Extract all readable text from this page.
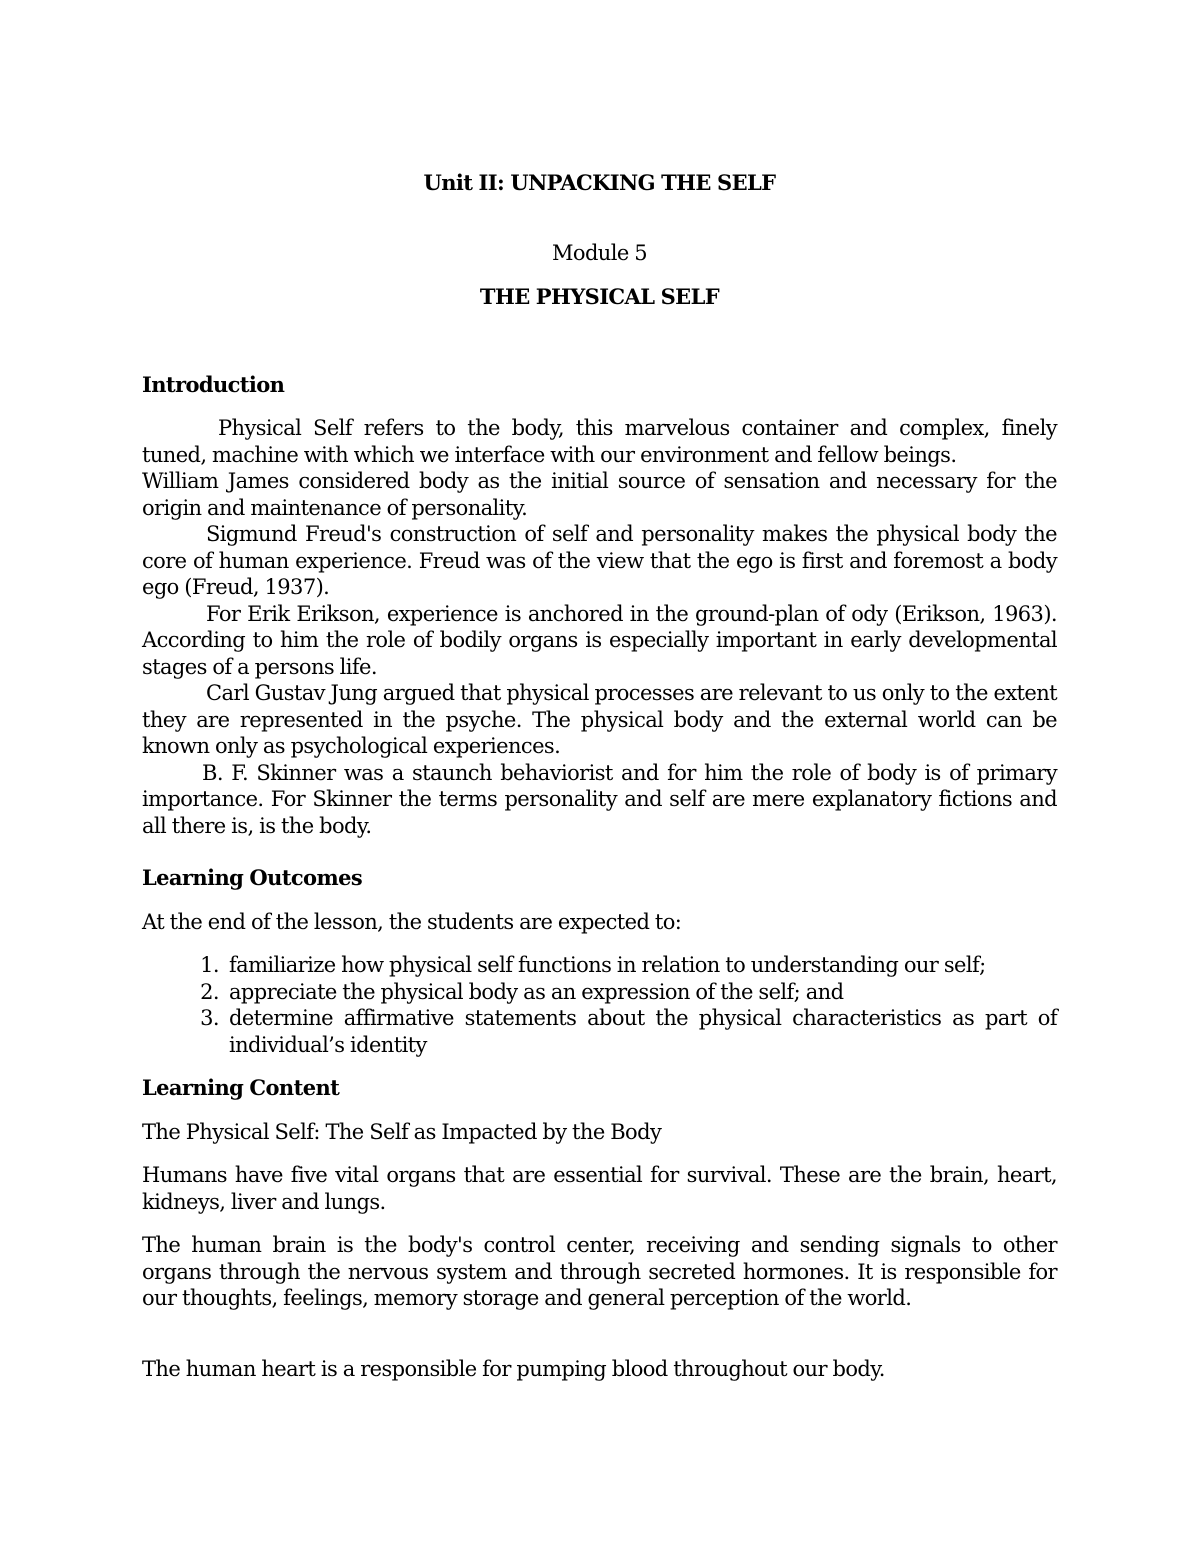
Unit II: UNPACKING THE SELF
Module 5
THE PHYSICAL SELF
Introduction

Physical Self refers to the body, this marvelous container and complex, finely tuned, machine with which we interface with our environment and fellow beings.

William James considered body as the initial source of sensation and necessary for the origin and maintenance of personality.

Sigmund Freud's construction of self and personality makes the physical body the core of human experience. Freud was of the view that the ego is first and foremost a body ego (Freud, 1937).

For Erik Erikson, experience is anchored in the ground-plan of ody (Erikson, 1963). According to him the role of bodily organs is especially important in early developmental stages of a persons life.

Carl Gustav Jung argued that physical processes are relevant to us only to the extent they are represented in the psyche. The physical body and the external world can be known only as psychological experiences.

B. F. Skinner was a staunch behaviorist and for him the role of body is of primary importance. For Skinner the terms personality and self are mere explanatory fictions and all there is, is the body.

Learning Outcomes

At the end of the lesson, the students are expected to:

1. familiarize how physical self functions in relation to understanding our self;
2. appreciate the physical body as an expression of the self; and
3. determine affirmative statements about the physical characteristics as part of individual’s identity
Learning Content

The Physical Self: The Self as Impacted by the Body

Humans have five vital organs that are essential for survival. These are the brain, heart, kidneys, liver and lungs.

The human brain is the body's control center, receiving and sending signals to other organs through the nervous system and through secreted hormones. It is responsible for our thoughts, feelings, memory storage and general perception of the world.

The human heart is a responsible for pumping blood throughout our body.
